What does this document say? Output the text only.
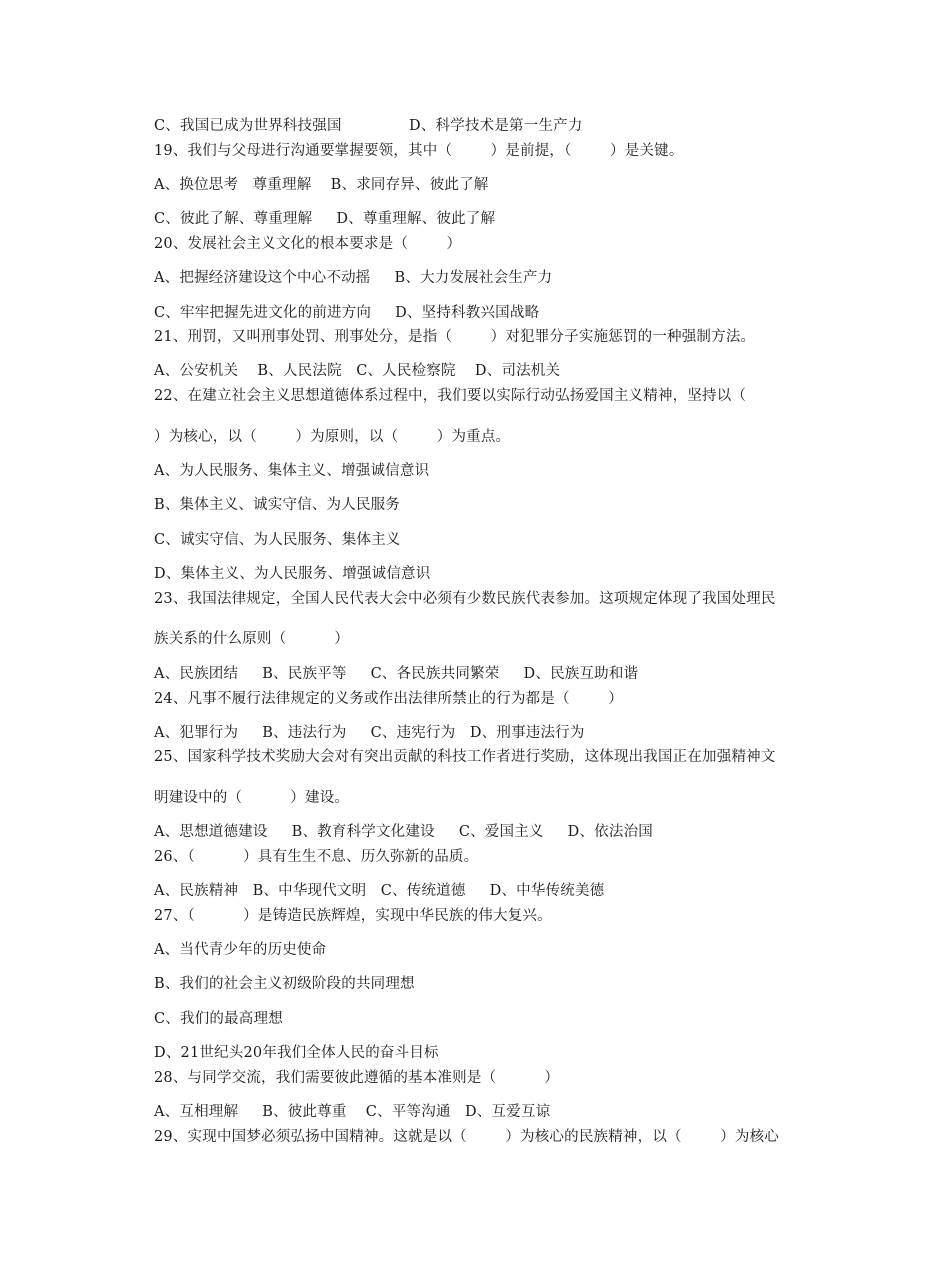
C、我国已成为世界科技强国              D、科学技术是第一生产力
19、我们与父母进行沟通要掌握要领，其中（        ）是前提，（        ）是关键。
A、换位思考   尊重理解    B、求同存异、彼此了解
C、彼此了解、尊重理解     D、尊重理解、彼此了解
20、发展社会主义文化的根本要求是（        ）
A、把握经济建设这个中心不动摇     B、大力发展社会生产力
C、牢牢把握先进文化的前进方向     D、坚持科教兴国战略
21、刑罚，又叫刑事处罚、刑事处分，是指（        ）对犯罪分子实施惩罚的一种强制方法。
A、公安机关    B、人民法院   C、人民检察院    D、司法机关
22、在建立社会主义思想道德体系过程中，我们要以实际行动弘扬爱国主义精神，坚持以（
）为核心，以（        ）为原则，以（        ）为重点。
A、为人民服务、集体主义、增强诚信意识
B、集体主义、诚实守信、为人民服务
C、诚实守信、为人民服务、集体主义
D、集体主义、为人民服务、增强诚信意识
23、我国法律规定，全国人民代表大会中必须有少数民族代表参加。这项规定体现了我国处理民
族关系的什么原则（          ）
A、民族团结     B、民族平等     C、各民族共同繁荣     D、民族互助和谐
24、凡事不履行法律规定的义务或作出法律所禁止的行为都是（        ）
A、犯罪行为     B、违法行为     C、违宪行为   D、刑事违法行为
25、国家科学技术奖励大会对有突出贡献的科技工作者进行奖励，这体现出我国正在加强精神文
明建设中的（          ）建设。
A、思想道德建设     B、教育科学文化建设     C、爱国主义     D、依法治国
26、（          ）具有生生不息、历久弥新的品质。
A、民族精神   B、中华现代文明   C、传统道德     D、中华传统美德
27、（          ）是铸造民族辉煌，实现中华民族的伟大复兴。
A、当代青少年的历史使命
B、我们的社会主义初级阶段的共同理想
C、我们的最高理想
D、21世纪头20年我们全体人民的奋斗目标
28、与同学交流，我们需要彼此遵循的基本准则是（          ）
A、互相理解     B、彼此尊重    C、平等沟通   D、互爱互谅
29、实现中国梦必须弘扬中国精神。这就是以（        ）为核心的民族精神，以（        ）为核心
